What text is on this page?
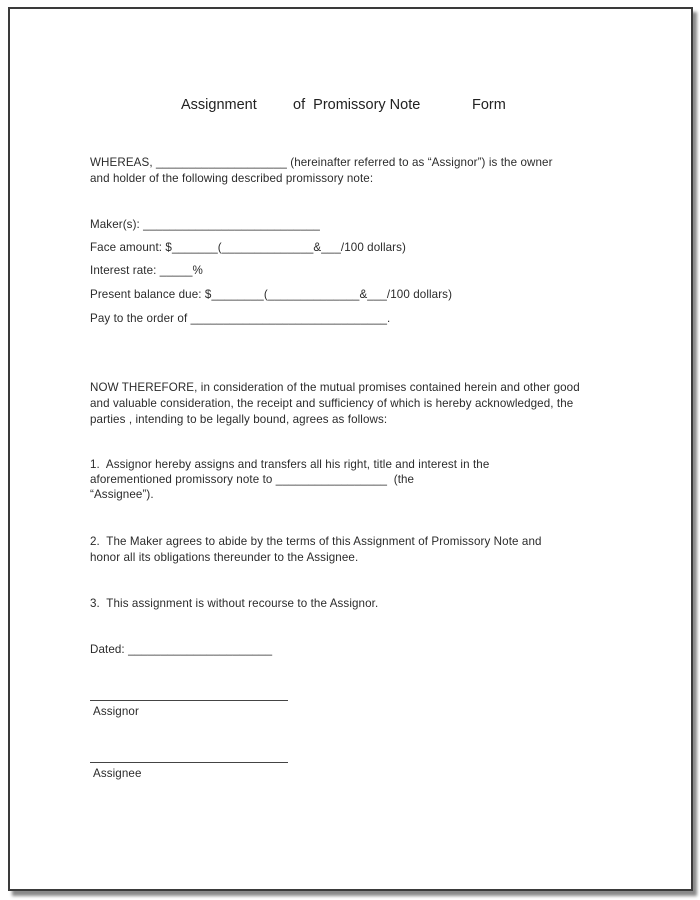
Assignment of  Promissory Note	Form
WHEREAS, ____________________ (hereinafter referred to as “Assignor”) is the owner
and holder of the following described promissory note:
Maker(s): ___________________________
Face amount: $_______(______________&___/100 dollars)
Interest rate: _____%
Present balance due: $________(______________&___/100 dollars)
Pay to the order of ______________________________.
NOW THEREFORE, in consideration of the mutual promises contained herein and other good
and valuable consideration, the receipt and sufficiency of which is hereby acknowledged, the
parties , intending to be legally bound, agrees as follows:
1.  Assignor hereby assigns and transfers all his right, title and interest in the
aforementioned promissory note to _________________  (the
“Assignee”).
2.  The Maker agrees to abide by the terms of this Assignment of Promissory Note and
honor all its obligations thereunder to the Assignee.
3.  This assignment is without recourse to the Assignor.
Dated: ______________________
Assignor
Assignee
